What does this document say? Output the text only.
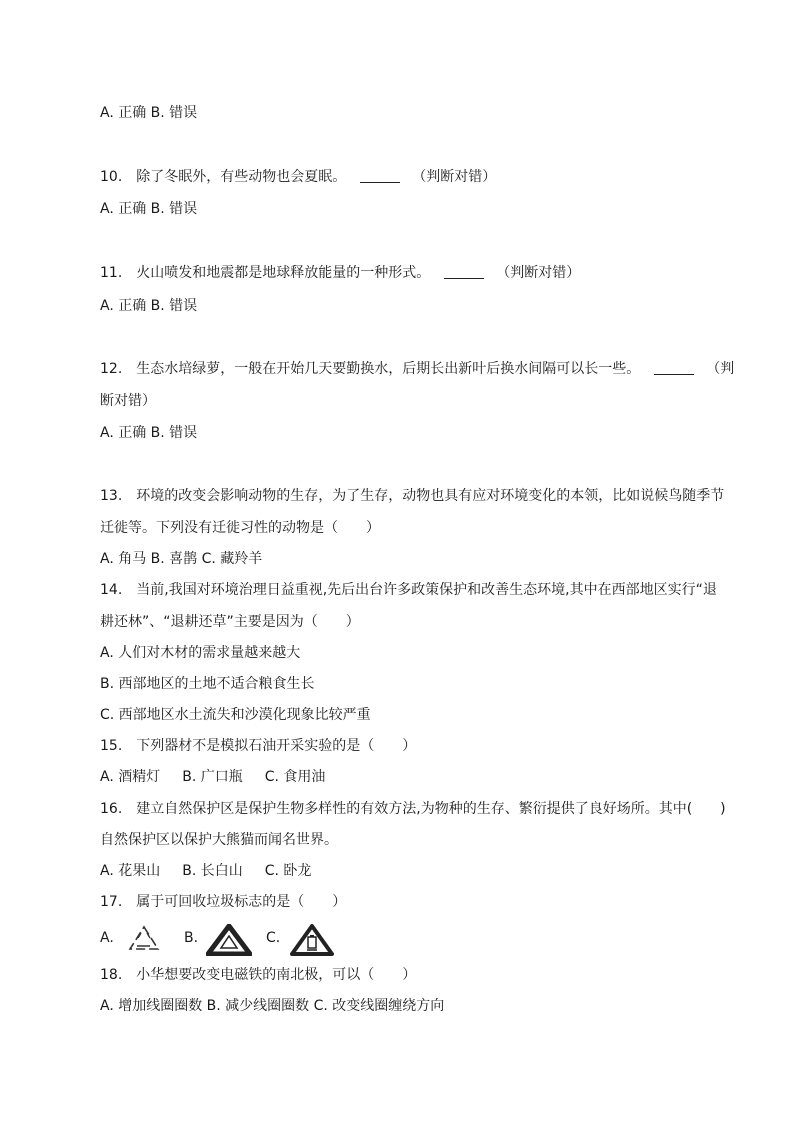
A. 正确 B. 错误
10. 除了冬眠外，有些动物也会夏眠。	（判断对错）
A. 正确 B. 错误
11. 火山喷发和地震都是地球释放能量的一种形式。	（判断对错）
A. 正确 B. 错误
12. 生态水培绿萝，一般在开始几天要勤换水，后期长出新叶后换水间隔可以长一些。	（判
断对错）
A. 正确 B. 错误
13. 环境的改变会影响动物的生存，为了生存，动物也具有应对环境变化的本领，比如说候鸟随季节
迁徙等。下列没有迁徙习性的动物是（　　）
A. 角马 B. 喜鹊 C. 藏羚羊
14. 当前,我国对环境治理日益重视,先后出台许多政策保护和改善生态环境,其中在西部地区实行“退
耕还林”、“退耕还草”主要是因为（　　）
A. 人们对木材的需求量越来越大
B. 西部地区的土地不适合粮食生长
C. 西部地区水土流失和沙漠化现象比较严重
15. 下列器材不是模拟石油开采实验的是（　　）
A. 酒精灯 B. 广口瓶 C. 食用油
16. 建立自然保护区是保护生物多样性的有效方法,为物种的生存、繁衍提供了良好场所。其中(　　)
自然保护区以保护大熊猫而闻名世界。
A. 花果山 B. 长白山 C. 卧龙
17. 属于可回收垃圾标志的是（　　）
A.	B.	C.
18. 小华想要改变电磁铁的南北极，可以（　　）
A. 增加线圈圈数 B. 减少线圈圈数 C. 改变线圈缠绕方向
